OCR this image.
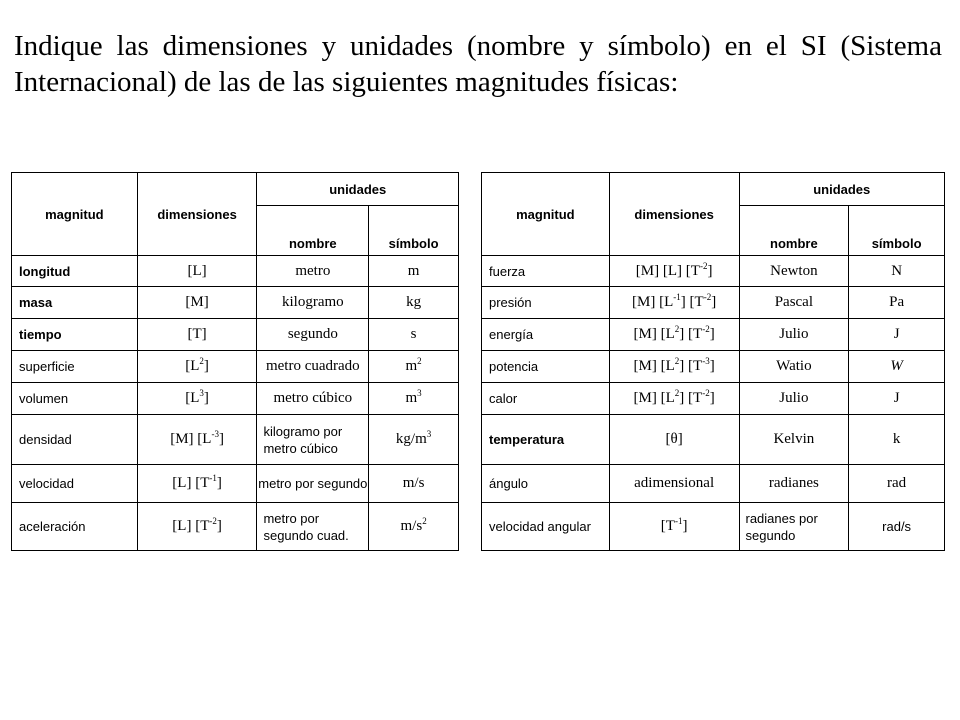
Indique las dimensiones y unidades (nombre y símbolo) en el SI (Sistema Internacional) de las de las siguientes magnitudes físicas:

magnitud	dimensiones	unidades	
		nombre	símbolo
longitud	[L]	metro	m
masa	[M]	kilogramo	kg
tiempo	[T]	segundo	s
superficie	$[L^2]$	metro cuadrado	$m^2$
volumen	$[L^3]$	metro cúbico	$m^3$
densidad	[M] $[L^{-3}]$	kilogramo por metro cúbico	$kg/m^3$
velocidad	[L] $[T^{-1}]$	metro por segundo	m/s
aceleración	[L] $[T^{-2}]$	metro por segundo cuad.	$m/s^2$
magnitud	dimensiones	unidades	
		nombre	símbolo
fuerza	[M] [L] $[T^{-2}]$	Newton	N
presión	[M] $[L^{-1}]$ $[T^{-2}]$	Pascal	Pa
energía	[M] $[L^2]$ $[T^{-2}]$	Julio	J
potencia	[M] $[L^2]$ $[T^{-3}]$	Watio	W
calor	[M] $[L^2]$ $[T^{-2}]$	Julio	J
temperatura	[θ]	Kelvin	k
ángulo	adimensional	radianes	rad
velocidad angular	$[T^{-1}]$	radianes por segundo	rad/s
